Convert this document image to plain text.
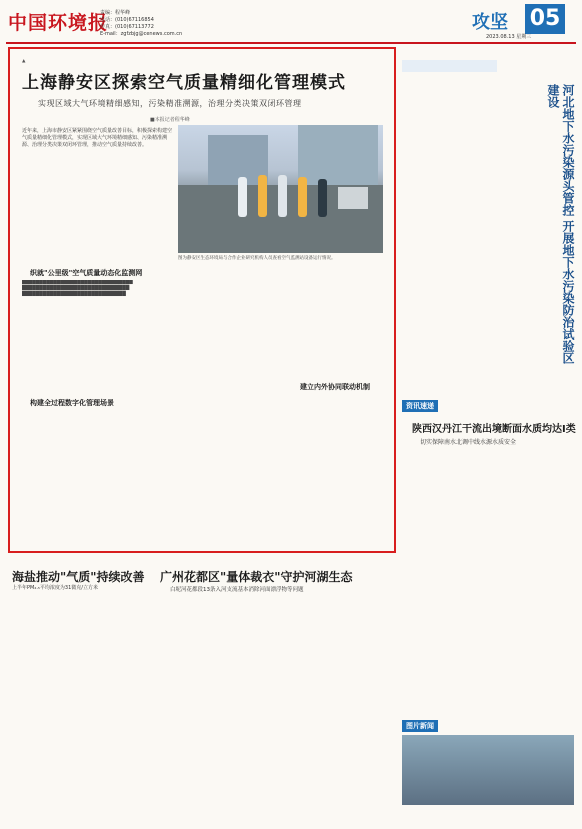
中国环境报
责编：程华峰
电话：(010)67116854
传真：(010)67113772
E-mail：zgfzbjg@cenews.com.cn
攻坚 05
2023.08.13 星期三
▲
上海静安区探索空气质量精细化管理模式
实现区域大气环境精细感知，污染精准溯源，治理分类决策双闭环管理
■本报记者程华峰
近年来，上海市静安区紧紧围绕空气质量改善目标，积极探索构建空气质量精细化管理模式，实现区域大气环境精细感知、污染精准溯源、治理分类决策双闭环管理，推动空气质量持续改善。
图为静安区生态环境局与合作企业研究机构人员查看空气监测站设备运行情况。
织就"公里级"空气质量动态化监测网
████████████████████████████████ ███████████████████████████████ ██████████████████████████████
构建全过程数字化管理场景
建立内外协同联动机制
河北地下水污染源头管控 开展地下水污染防治试验区建设
资讯速递
陕西汉丹江干流出境断面水质均达Ⅰ类
切实保障南水北调中线水源水质安全
图片新闻
海盐推动"气质"持续改善
上半年PM₂.₅平均浓度为31微克/立方米
广州花都区"量体裁衣"守护河湖生态
白坭河花都段13条入河支流基本消除河面漂浮物等问题
